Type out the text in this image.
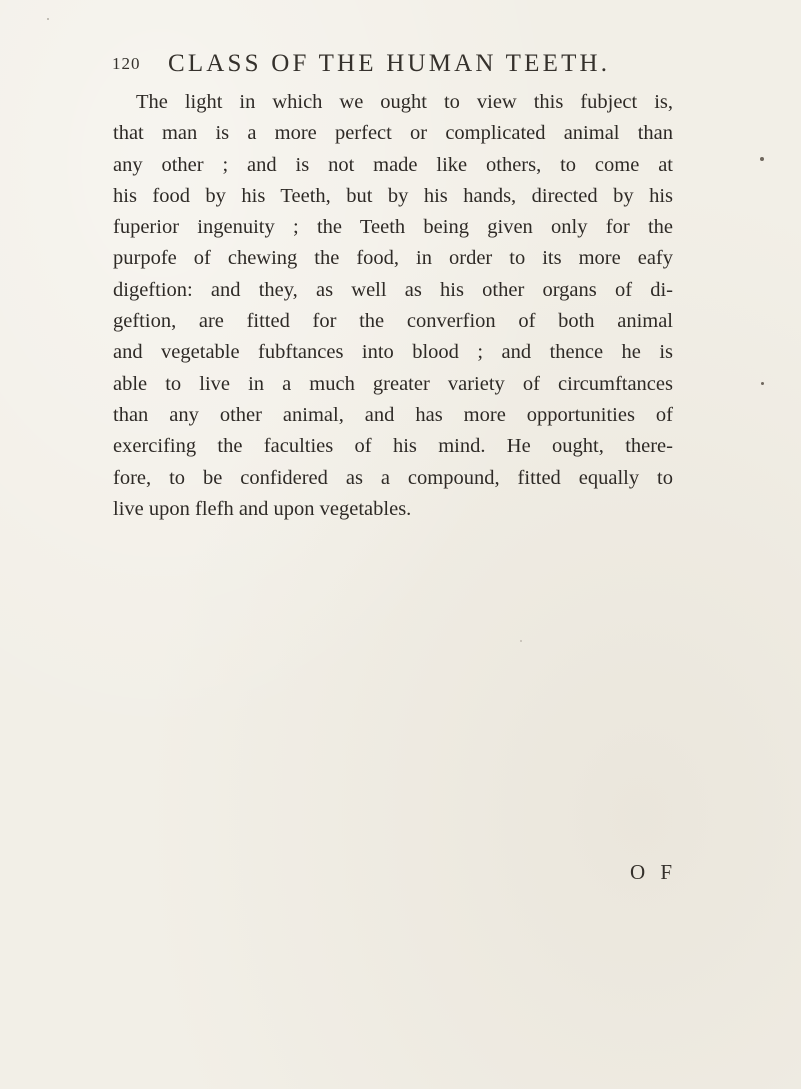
120 CLASS OF THE HUMAN TEETH.
The light in which we ought to view this fubject is,
that man is a more perfect or complicated animal than
any other ; and is not made like others, to come at
his food by his Teeth, but by his hands, directed by his
fuperior ingenuity ; the Teeth being given only for the
purpofe of chewing the food, in order to its more eafy
digeftion: and they, as well as his other organs of di-
geftion, are fitted for the converfion of both animal
and vegetable fubftances into blood ; and thence he is
able to live in a much greater variety of circumftances
than any other animal, and has more opportunities of
exercifing the faculties of his mind. He ought, there-
fore, to be confidered as a compound, fitted equally to
live upon flefh and upon vegetables.
O F
